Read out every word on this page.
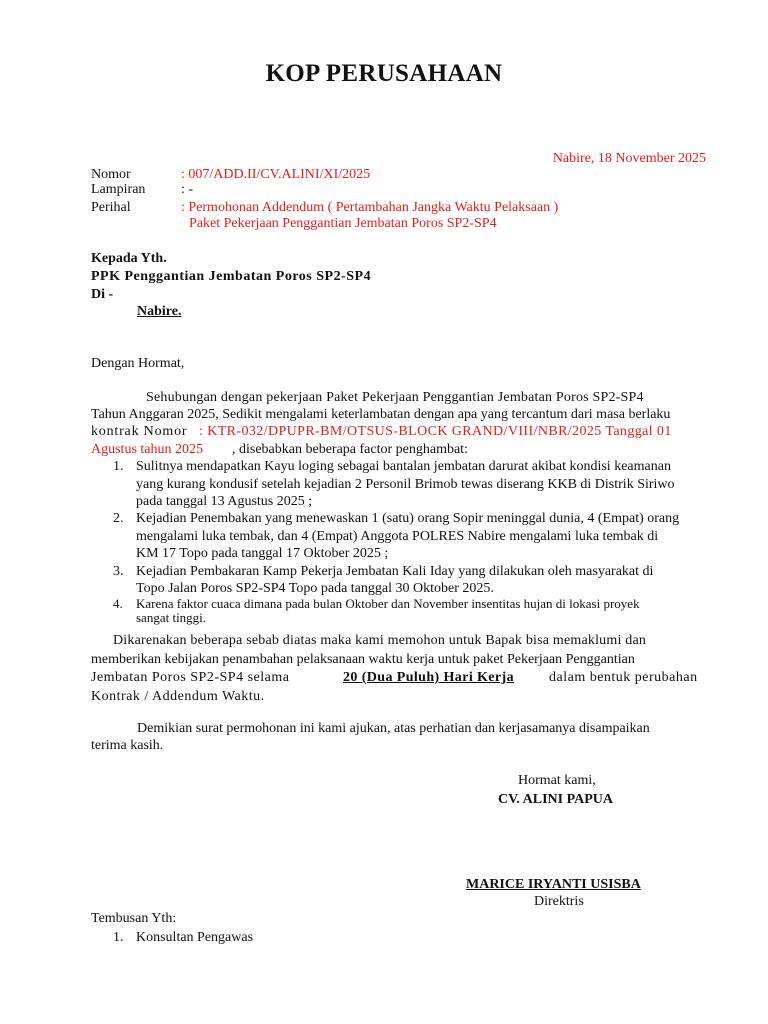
KOP PERUSAHAAN
Nabire, 18 November 2025
Nomor	: 007/ADD.II/CV.ALINI/XI/2025
Lampiran	: -
Perihal	: Permohonan Addendum ( Pertambahan Jangka Waktu Pelaksaan )
Paket Pekerjaan Penggantian Jembatan Poros SP2-SP4
Kepada Yth.
PPK Penggantian Jembatan Poros SP2-SP4
Di -
Nabire.
Dengan Hormat,
Sehubungan dengan pekerjaan Paket Pekerjaan Penggantian Jembatan Poros SP2-SP4
Tahun Anggaran 2025, Sedikit mengalami keterlambatan dengan apa yang tercantum dari masa berlaku
kontrak Nomor : KTR-032/DPUPR-BM/OTSUS-BLOCK GRAND/VIII/NBR/2025 Tanggal 01
Agustus tahun 2025 , disebabkan beberapa factor penghambat:
1. Sulitnya mendapatkan Kayu loging sebagai bantalan jembatan darurat akibat kondisi keamanan
yang kurang kondusif setelah kejadian 2 Personil Brimob tewas diserang KKB di Distrik Siriwo
pada tanggal 13 Agustus 2025 ;
2. Kejadian Penembakan yang menewaskan 1 (satu) orang Sopir meninggal dunia, 4 (Empat) orang
mengalami luka tembak, dan 4 (Empat) Anggota POLRES Nabire mengalami luka tembak di
KM 17 Topo pada tanggal 17 Oktober 2025 ;
3. Kejadian Pembakaran Kamp Pekerja Jembatan Kali Iday yang dilakukan oleh masyarakat di
Topo Jalan Poros SP2-SP4 Topo pada tanggal 30 Oktober 2025.
4. Karena faktor cuaca dimana pada bulan Oktober dan November insentitas hujan di lokasi proyek
sangat tinggi.
Dikarenakan beberapa sebab diatas maka kami memohon untuk Bapak bisa memaklumi dan
memberikan kebijakan penambahan pelaksanaan waktu kerja untuk paket Pekerjaan Penggantian
Jembatan Poros SP2-SP4 selama	20 (Dua Puluh) Hari Kerja	dalam bentuk perubahan
Kontrak / Addendum Waktu.
Demikian surat permohonan ini kami ajukan, atas perhatian dan kerjasamanya disampaikan
terima kasih.
Hormat kami,
CV. ALINI PAPUA
MARICE IRYANTI USISBA
Direktris
Tembusan Yth:
1. Konsultan Pengawas
